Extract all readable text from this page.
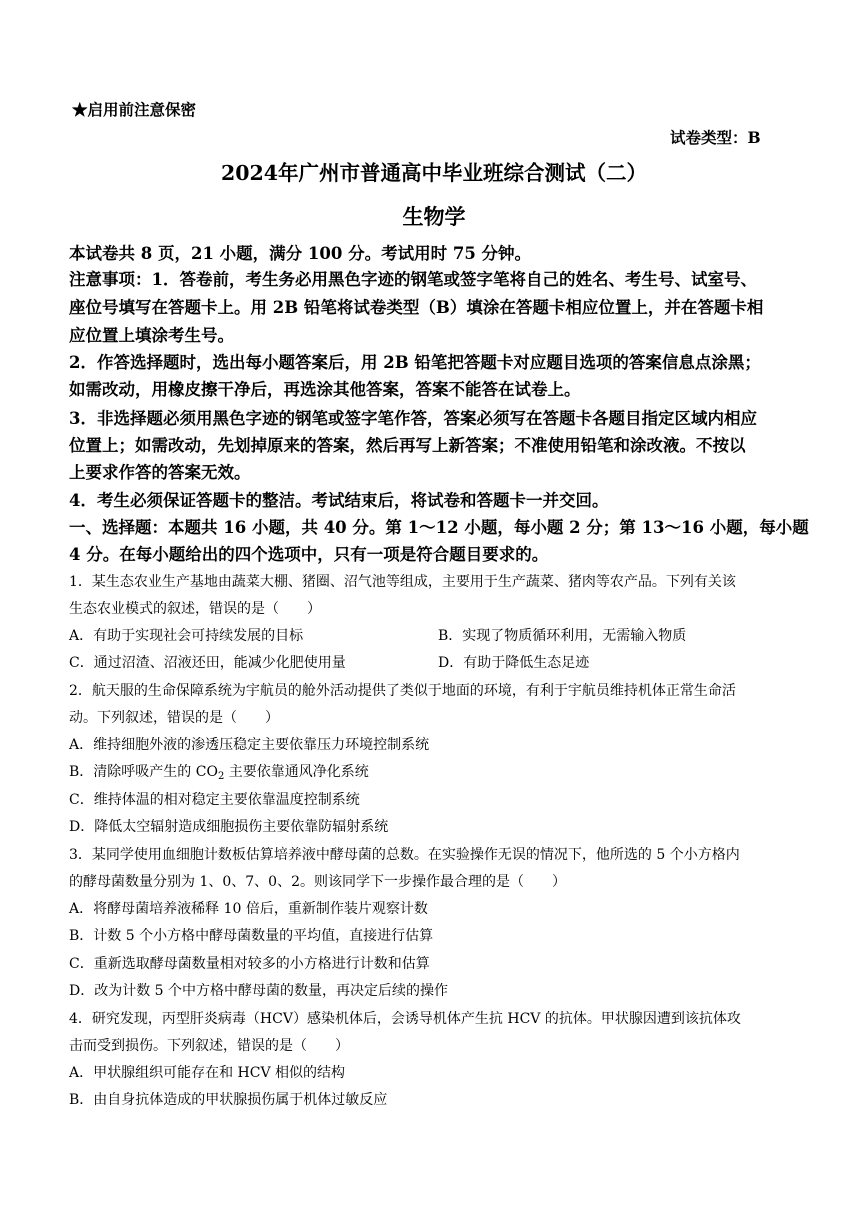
★启用前注意保密
试卷类型：B
2024年广州市普通高中毕业班综合测试（二）
生物学
本试卷共 8 页，21 小题，满分 100 分。考试用时 75 分钟。
注意事项：1．答卷前，考生务必用黑色字迹的钢笔或签字笔将自己的姓名、考生号、试室号、
座位号填写在答题卡上。用 2B 铅笔将试卷类型（B）填涂在答题卡相应位置上，并在答题卡相
应位置上填涂考生号。
2．作答选择题时，选出每小题答案后，用 2B 铅笔把答题卡对应题目选项的答案信息点涂黑；
如需改动，用橡皮擦干净后，再选涂其他答案，答案不能答在试卷上。
3．非选择题必须用黑色字迹的钢笔或签字笔作答，答案必须写在答题卡各题目指定区域内相应
位置上；如需改动，先划掉原来的答案，然后再写上新答案；不准使用铅笔和涂改液。不按以
上要求作答的答案无效。
4．考生必须保证答题卡的整洁。考试结束后，将试卷和答题卡一并交回。
一、选择题：本题共 16 小题，共 40 分。第 1～12 小题，每小题 2 分；第 13～16 小题，每小题
4 分。在每小题给出的四个选项中，只有一项是符合题目要求的。
1．某生态农业生产基地由蔬菜大棚、猪圈、沼气池等组成，主要用于生产蔬菜、猪肉等农产品。下列有关该
生态农业模式的叙述，错误的是（　　）
A．有助于实现社会可持续发展的目标	B．实现了物质循环利用，无需输入物质
C．通过沼渣、沼液还田，能减少化肥使用量	D．有助于降低生态足迹
2．航天服的生命保障系统为宇航员的舱外活动提供了类似于地面的环境，有利于宇航员维持机体正常生命活
动。下列叙述，错误的是（　　）
A．维持细胞外液的渗透压稳定主要依靠压力环境控制系统
B．清除呼吸产生的 $CO_2$ 主要依靠通风净化系统
C．维持体温的相对稳定主要依靠温度控制系统
D．降低太空辐射造成细胞损伤主要依靠防辐射系统
3．某同学使用血细胞计数板估算培养液中酵母菌的总数。在实验操作无误的情况下，他所选的 5 个小方格内
的酵母菌数量分别为 1、0、7、0、2。则该同学下一步操作最合理的是（　　）
A．将酵母菌培养液稀释 10 倍后，重新制作装片观察计数
B．计数 5 个小方格中酵母菌数量的平均值，直接进行估算
C．重新选取酵母菌数量相对较多的小方格进行计数和估算
D．改为计数 5 个中方格中酵母菌的数量，再决定后续的操作
4．研究发现，丙型肝炎病毒（HCV）感染机体后，会诱导机体产生抗 HCV 的抗体。甲状腺因遭到该抗体攻
击而受到损伤。下列叙述，错误的是（　　）
A．甲状腺组织可能存在和 HCV 相似的结构
B．由自身抗体造成的甲状腺损伤属于机体过敏反应
